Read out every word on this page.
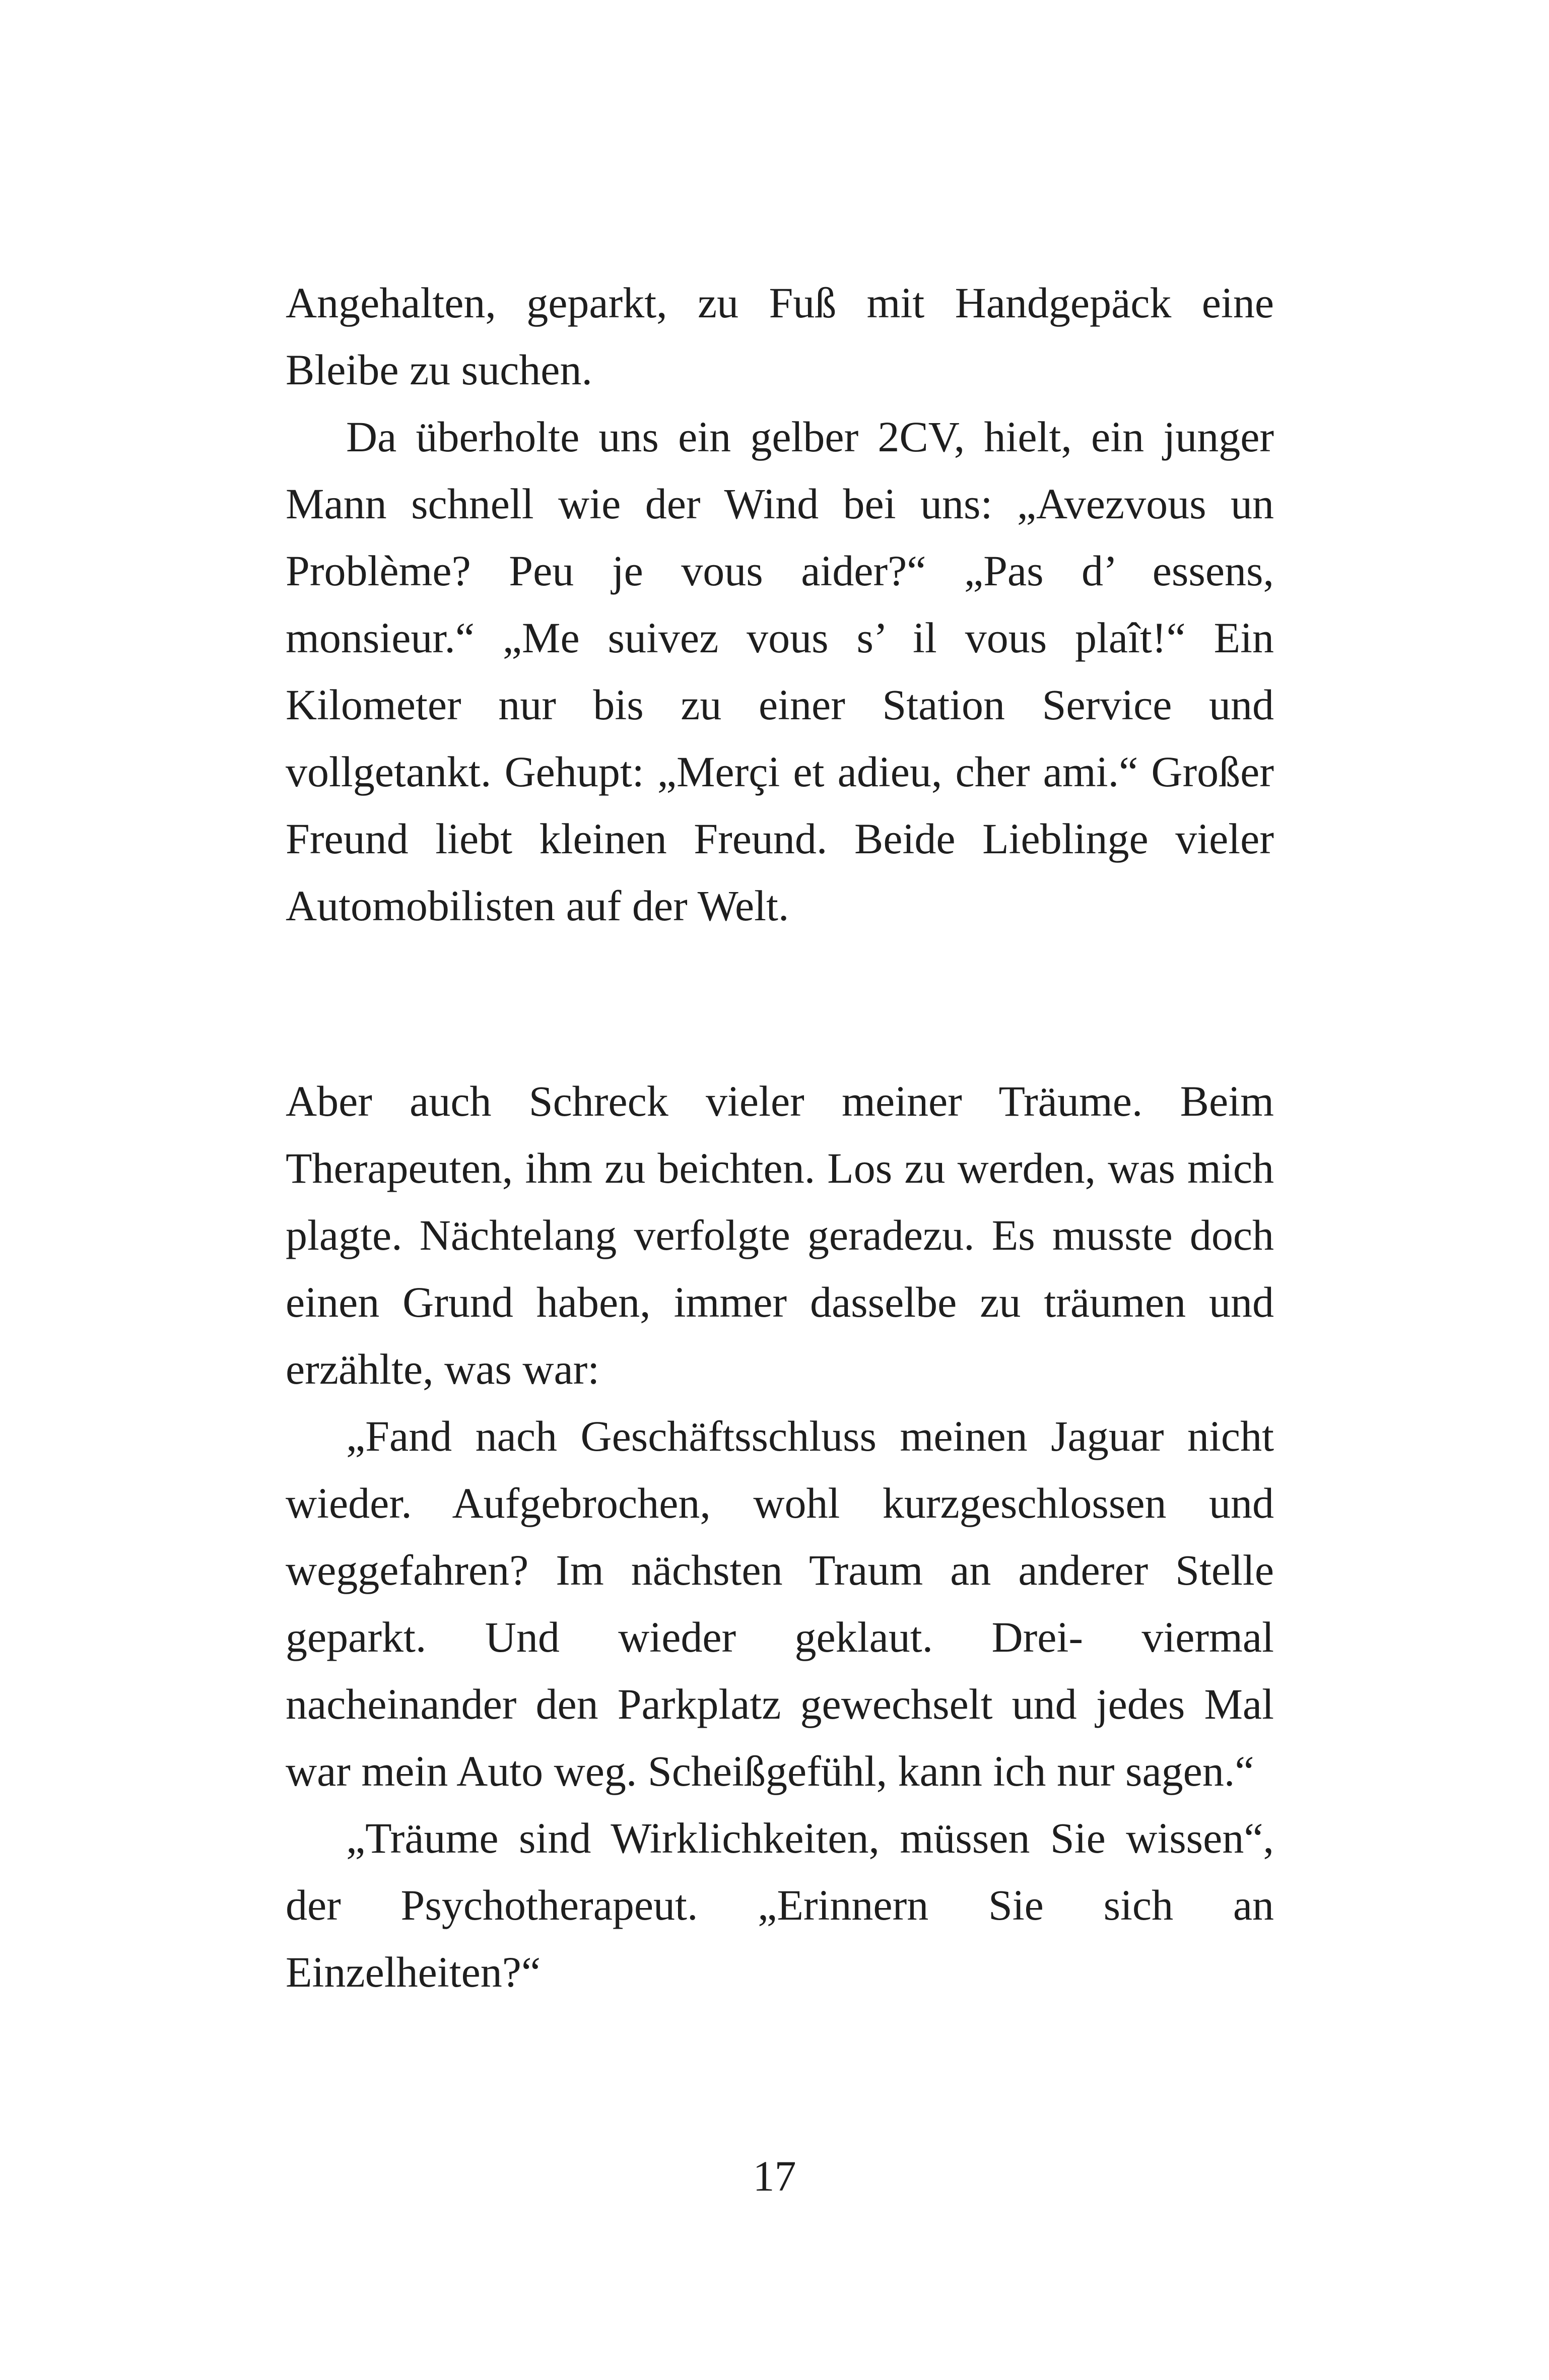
Angehalten, geparkt, zu Fuß mit Handgepäck eine Bleibe zu suchen.

Da überholte uns ein gelber 2CV, hielt, ein junger Mann schnell wie der Wind bei uns: „Avezvous un Problème? Peu je vous aider?“ „Pas d’ essens, monsieur.“ „Me suivez vous s’ il vous plaît!“ Ein Kilometer nur bis zu einer Station Service und vollgetankt. Gehupt: „Merçi et adieu, cher ami.“ Großer Freund liebt kleinen Freund. Beide Lieblinge vieler Automobilisten auf der Welt.

Aber auch Schreck vieler meiner Träume. Beim Therapeuten, ihm zu beichten. Los zu werden, was mich plagte. Nächtelang verfolgte geradezu. Es musste doch einen Grund haben, immer dasselbe zu träumen und erzählte, was war:

„Fand nach Geschäftsschluss meinen Jaguar nicht wieder. Aufgebrochen, wohl kurzgeschlossen und weggefahren? Im nächsten Traum an anderer Stelle geparkt. Und wieder geklaut. Drei- viermal nacheinander den Parkplatz gewechselt und jedes Mal war mein Auto weg. Scheißgefühl, kann ich nur sagen.“

„Träume sind Wirklichkeiten, müssen Sie wissen“, der Psychotherapeut. „Erinnern Sie sich an Einzelheiten?“

17
